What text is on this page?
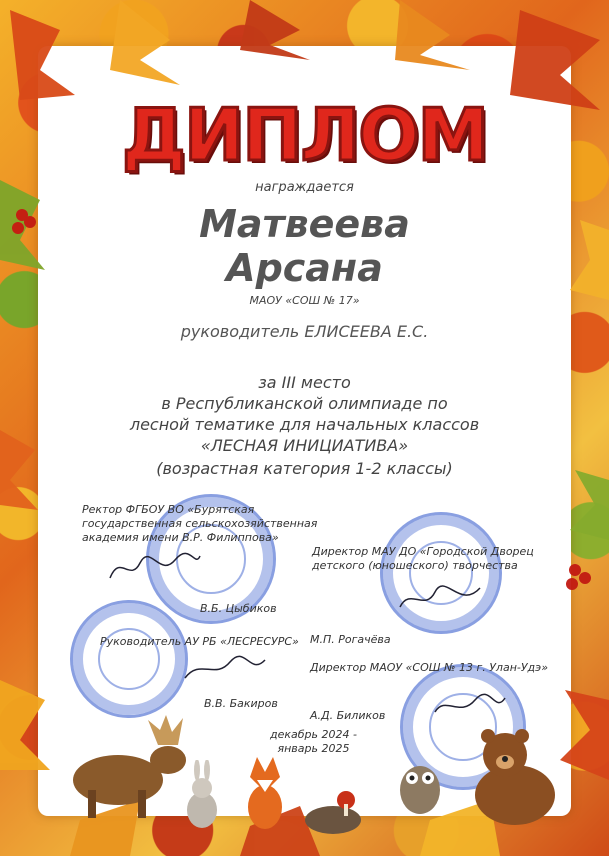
ДИПЛОМ
награждается
Матвеева
Арсана
МАОУ «СОШ № 17»
руководитель ЕЛИСЕЕВА Е.С.
за III место
в Республиканской олимпиаде по
лесной тематике для начальных классов
«ЛЕСНАЯ ИНИЦИАТИВА»
(возрастная категория 1-2 классы)
Ректор ФГБОУ ВО «Бурятская
государственная сельскохозяйственная
академия имени В.Р. Филиппова»
В.Б. Цыбиков
Директор МАУ ДО «Городской Дворец
детского (юношеского) творчества
М.П. Рогачёва
Руководитель АУ РБ «ЛЕСРЕСУРС»
В.В. Бакиров
Директор МАОУ «СОШ № 13 г. Улан-Удэ»
А.Д. Биликов
декабрь 2024 -
январь 2025
